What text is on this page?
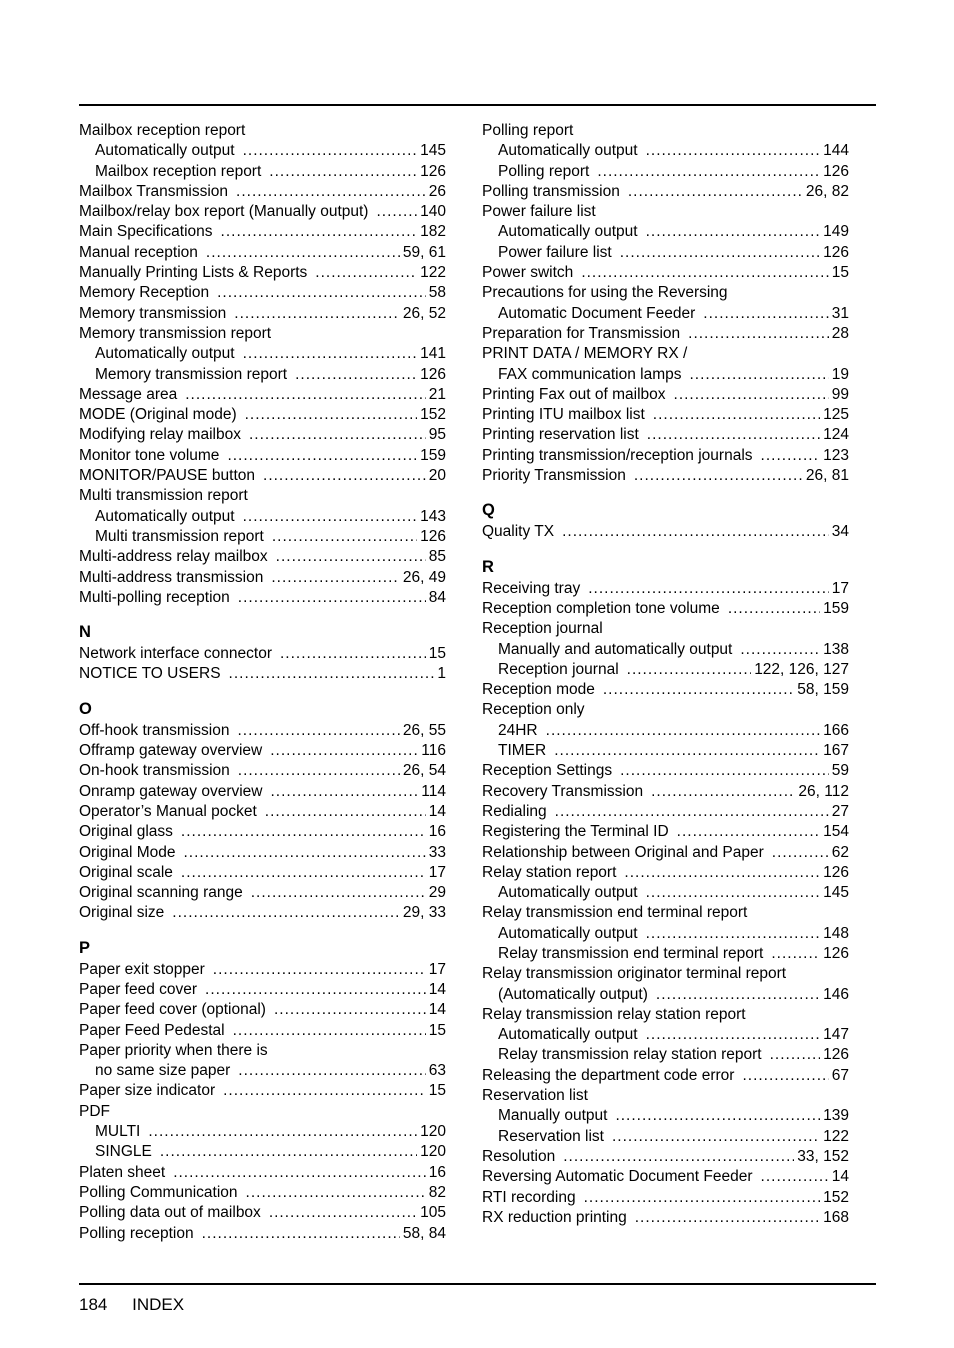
Mailbox reception report
Automatically output .....	145
Mailbox reception report .....	126
Mailbox Transmission .....	26
Mailbox/relay box report (Manually output) .....	140
Main Specifications .....	182
Manual reception .....	59, 61
Manually Printing Lists & Reports .....	122
Memory Reception .....	58
Memory transmission .....	26, 52
Memory transmission report
Automatically output .....	141
Memory transmission report .....	126
Message area .....	21
MODE (Original mode) .....	152
Modifying relay mailbox .....	95
Monitor tone volume .....	159
MONITOR/PAUSE button .....	20
Multi transmission report
Automatically output .....	143
Multi transmission report .....	126
Multi-address relay mailbox .....	85
Multi-address transmission .....	26, 49
Multi-polling reception .....	84
N
Network interface connector .....	15
NOTICE TO USERS .....	1
O
Off-hook transmission .....	26, 55
Offramp gateway overview .....	116
On-hook transmission .....	26, 54
Onramp gateway overview .....	114
Operator’s Manual pocket .....	14
Original glass .....	16
Original Mode .....	33
Original scale .....	17
Original scanning range .....	29
Original size .....	29, 33
P
Paper exit stopper .....	17
Paper feed cover .....	14
Paper feed cover (optional) .....	14
Paper Feed Pedestal .....	15
Paper priority when there is
no same size paper .....	63
Paper size indicator .....	15
PDF
MULTI .....	120
SINGLE .....	120
Platen sheet .....	16
Polling Communication .....	82
Polling data out of mailbox .....	105
Polling reception .....	58, 84
Polling report
Automatically output .....	144
Polling report .....	126
Polling transmission .....	26, 82
Power failure list
Automatically output .....	149
Power failure list .....	126
Power switch .....	15
Precautions for using the Reversing
Automatic Document Feeder .....	31
Preparation for Transmission .....	28
PRINT DATA / MEMORY RX /
FAX communication lamps .....	19
Printing Fax out of mailbox .....	99
Printing ITU mailbox list .....	125
Printing reservation list .....	124
Printing transmission/reception journals .....	123
Priority Transmission .....	26, 81
Q
Quality TX .....	34
R
Receiving tray .....	17
Reception completion tone volume .....	159
Reception journal
Manually and automatically output .....	138
Reception journal .....	122, 126, 127
Reception mode .....	58, 159
Reception only
24HR .....	166
TIMER .....	167
Reception Settings .....	59
Recovery Transmission .....	26, 112
Redialing .....	27
Registering the Terminal ID .....	154
Relationship between Original and Paper .....	62
Relay station report .....	126
Automatically output .....	145
Relay transmission end terminal report
Automatically output .....	148
Relay transmission end terminal report .....	126
Relay transmission originator terminal report
(Automatically output) .....	146
Relay transmission relay station report
Automatically output .....	147
Relay transmission relay station report .....	126
Releasing the department code error .....	67
Reservation list
Manually output .....	139
Reservation list .....	122
Resolution .....	33, 152
Reversing Automatic Document Feeder .....	14
RTI recording .....	152
RX reduction printing .....	168
184 INDEX
